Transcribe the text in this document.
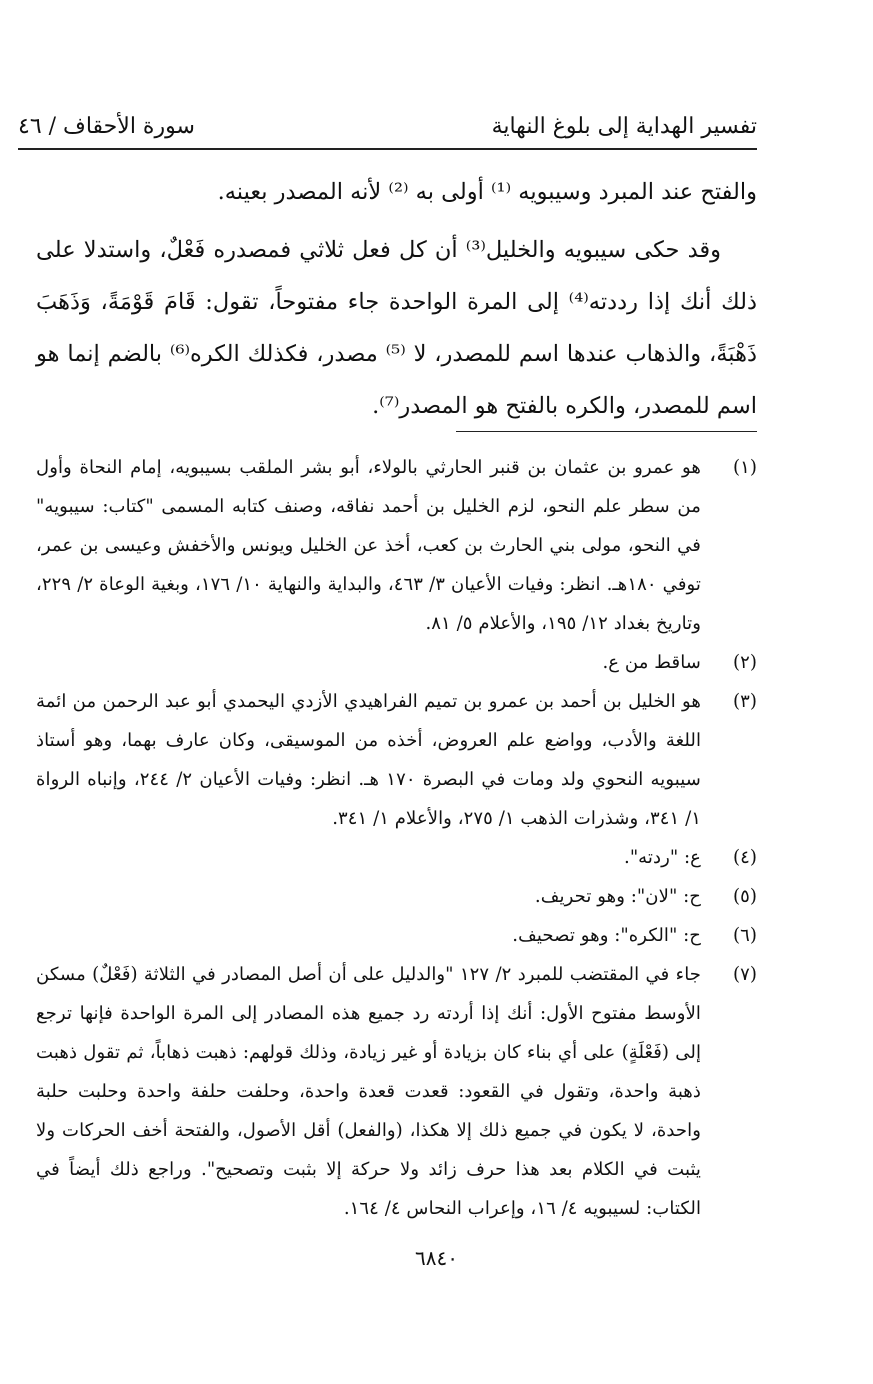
تفسير الهداية إلى بلوغ النهاية
سورة الأحقاف / ٤٦

والفتح عند المبرد وسيبويه ⁽¹⁾ أولى به ⁽²⁾ لأنه المصدر بعينه.

وقد حكى سيبويه والخليل⁽³⁾ أن كل فعل ثلاثي فمصدره فَعْلٌ، واستدلا على ذلك أنك إذا رددته⁽⁴⁾ إلى المرة الواحدة جاء مفتوحاً، تقول: قَامَ قَوْمَةً، وَذَهَبَ ذَهْبَةً، والذهاب عندها اسم للمصدر، لا ⁽⁵⁾ مصدر، فكذلك الكره⁽⁶⁾ بالضم إنما هو اسم للمصدر، والكره بالفتح هو المصدر⁽⁷⁾.

(١)
هو عمرو بن عثمان بن قنبر الحارثي بالولاء، أبو بشر الملقب بسيبويه، إمام النحاة وأول من سطر علم النحو، لزم الخليل بن أحمد نفاقه، وصنف كتابه المسمى "كتاب: سيبويه" في النحو، مولى بني الحارث بن كعب، أخذ عن الخليل ويونس والأخفش وعيسى بن عمر، توفي ١٨٠هـ. انظر: وفيات الأعيان ٣/ ٤٦٣، والبداية والنهاية ١٠/ ١٧٦، وبغية الوعاة ٢/ ٢٢٩، وتاريخ بغداد ١٢/ ١٩٥، والأعلام ٥/ ٨١.
(٢)
ساقط من ع.
(٣)
هو الخليل بن أحمد بن عمرو بن تميم الفراهيدي الأزدي اليحمدي أبو عبد الرحمن من ائمة اللغة والأدب، وواضع علم العروض، أخذه من الموسيقى، وكان عارف بهما، وهو أستاذ سيبويه النحوي ولد ومات في البصرة ١٧٠ هـ. انظر: وفيات الأعيان ٢/ ٢٤٤، وإنباه الرواة ١/ ٣٤١، وشذرات الذهب ١/ ٢٧٥، والأعلام ١/ ٣٤١.
(٤)
ع: "ردته".
(٥)
ح: "لان": وهو تحريف.
(٦)
ح: "الكره": وهو تصحيف.
(٧)
جاء في المقتضب للمبرد ٢/ ١٢٧ "والدليل على أن أصل المصادر في الثلاثة (فَعْلٌ) مسكن الأوسط مفتوح الأول: أنك إذا أردته رد جميع هذه المصادر إلى المرة الواحدة فإنها ترجع إلى (فَعْلَةٍ) على أي بناء كان بزيادة أو غير زيادة، وذلك قولهم: ذهبت ذهاباً، ثم تقول ذهبت ذهبة واحدة، وتقول في القعود: قعدت قعدة واحدة، وحلفت حلفة واحدة وحلبت حلبة واحدة، لا يكون في جميع ذلك إلا هكذا، (والفعل) أقل الأصول، والفتحة أخف الحركات ولا يثبت في الكلام بعد هذا حرف زائد ولا حركة إلا بثبت وتصحيح". وراجع ذلك أيضاً في الكتاب: لسيبويه ٤/ ١٦، وإعراب النحاس ٤/ ١٦٤.
٦٨٤٠
